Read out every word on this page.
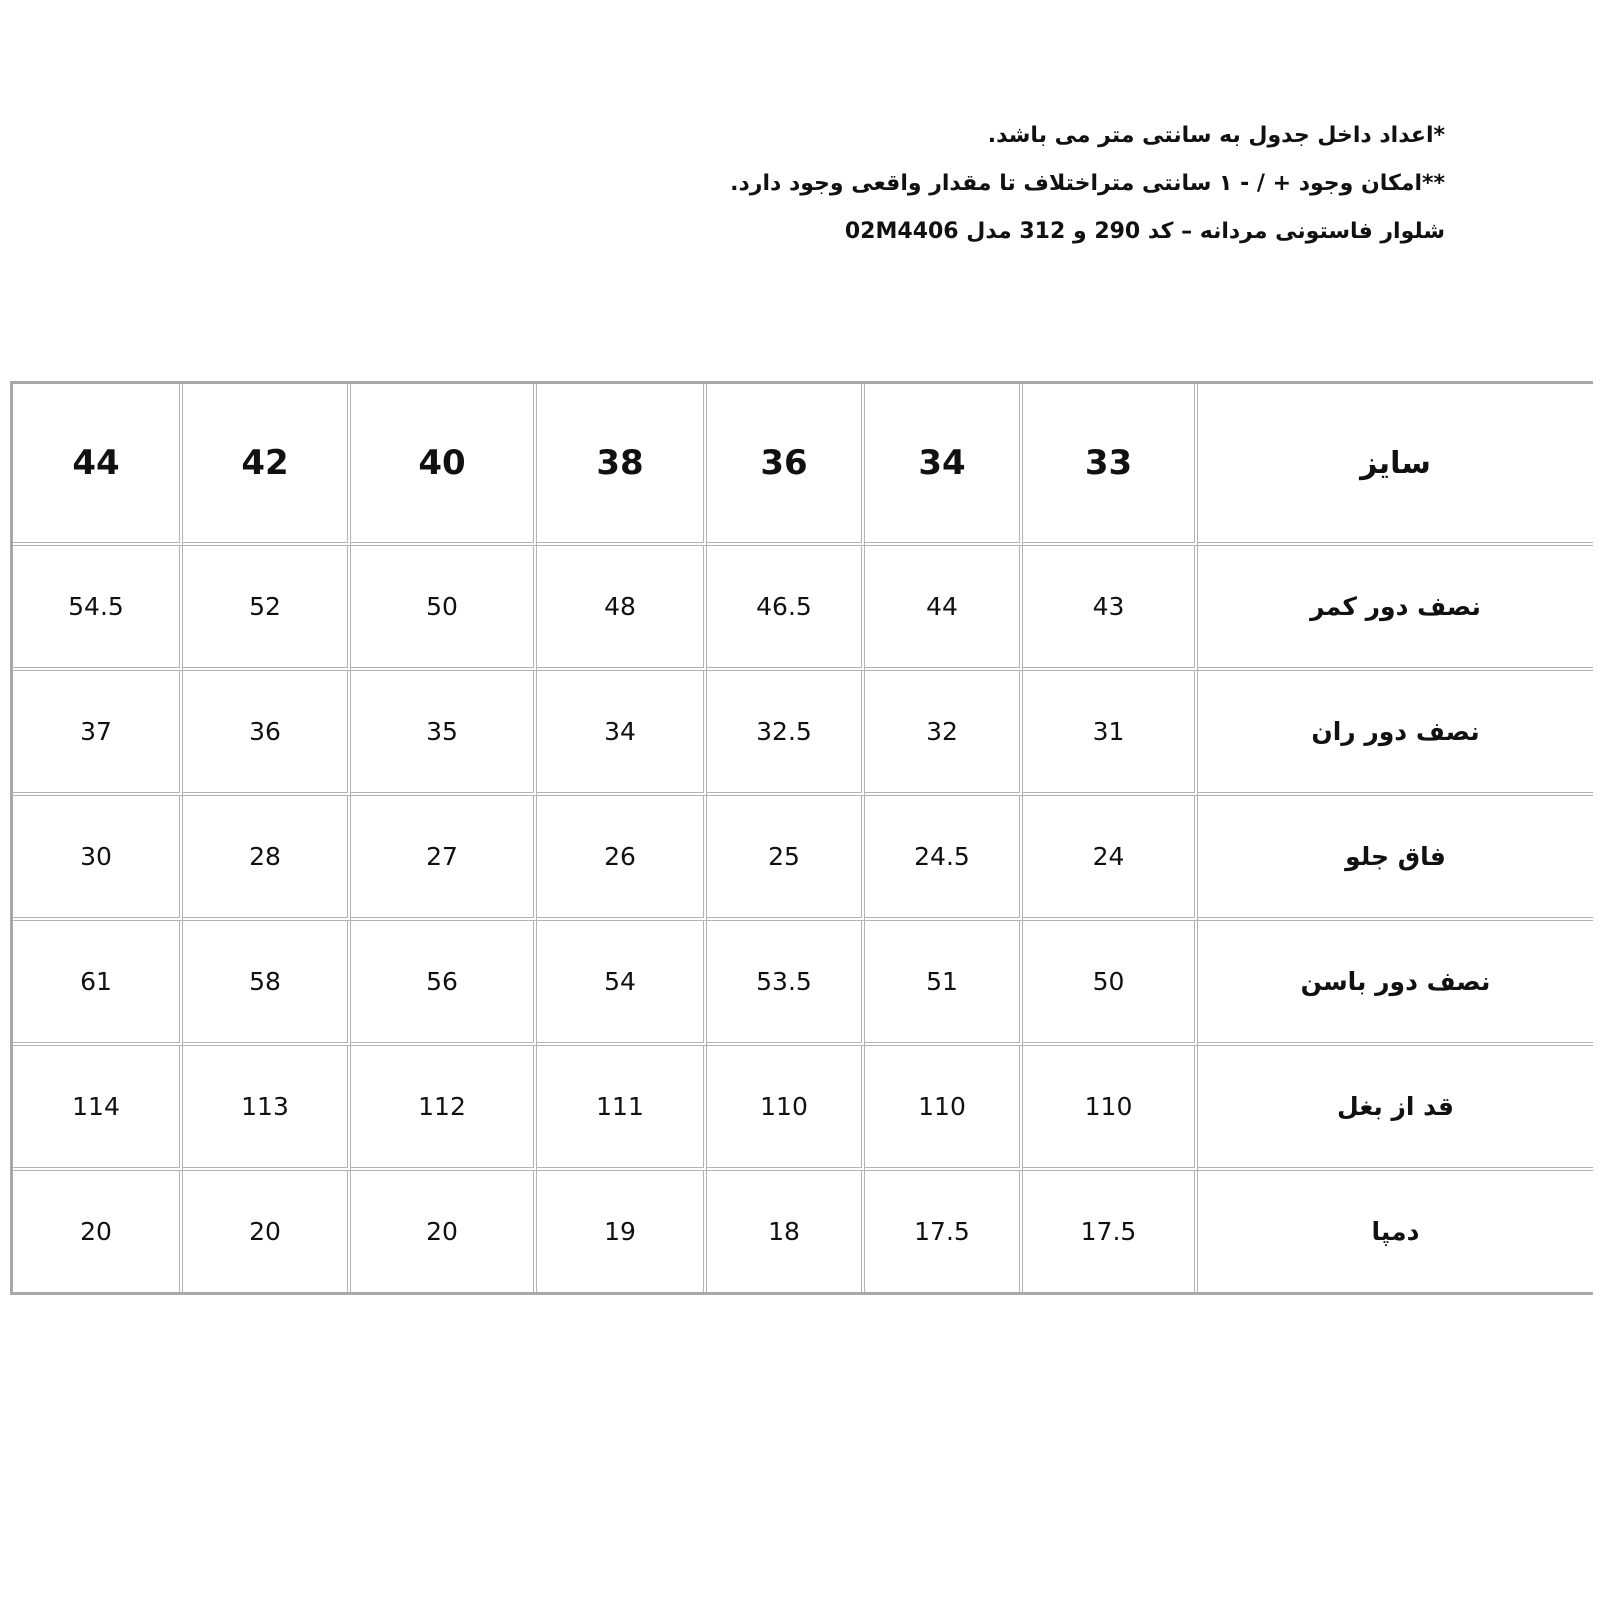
*اعداد داخل جدول به سانتی متر می باشد.
**امکان وجود + / - ۱ سانتی متراختلاف تا مقدار واقعی وجود دارد.
شلوار فاستونی مردانه – کد 290 و 312 مدل 02M4406
44	42	40	38	36	34	33	سایز
54.5	52	50	48	46.5	44	43	نصف دور کمر
37	36	35	34	32.5	32	31	نصف دور ران
30	28	27	26	25	24.5	24	فاق جلو
61	58	56	54	53.5	51	50	نصف دور باسن
114	113	112	111	110	110	110	قد از بغل
20	20	20	19	18	17.5	17.5	دمپا
